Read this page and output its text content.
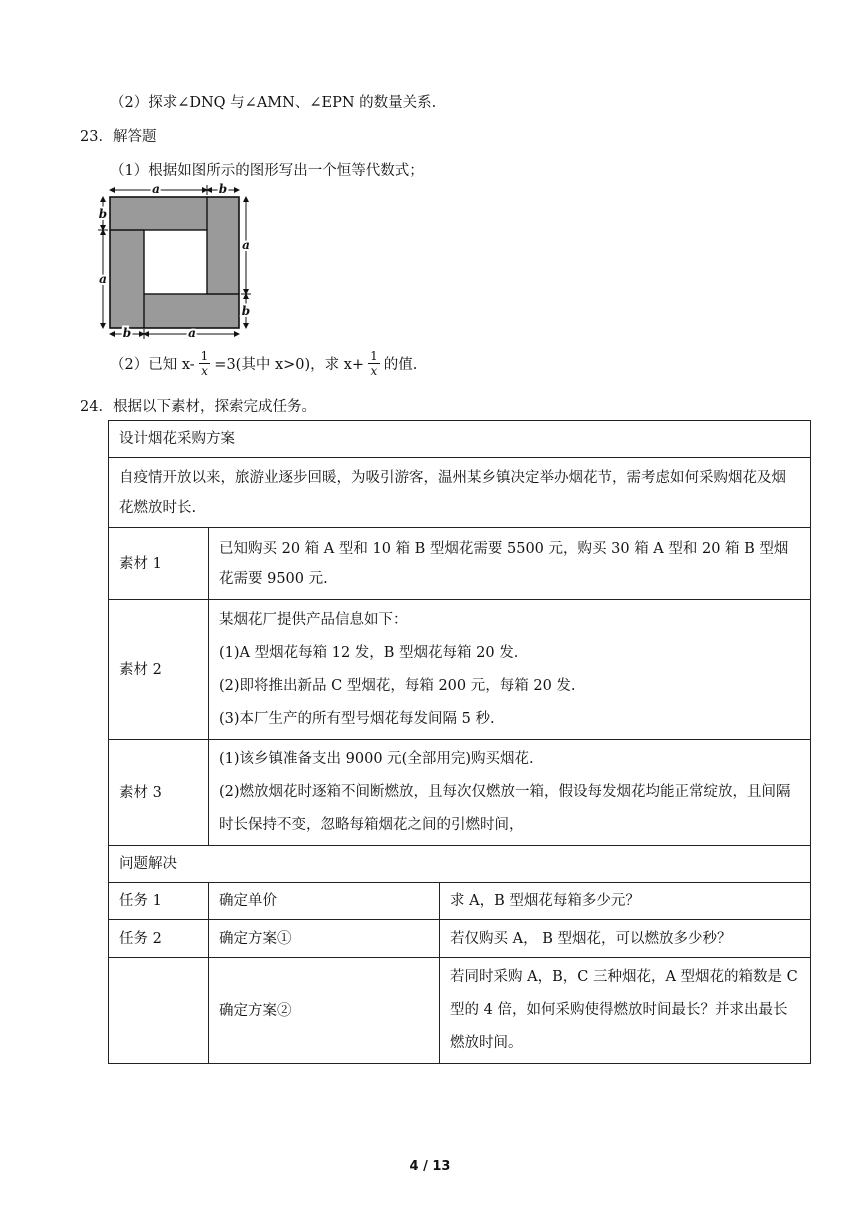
（2）探求∠DNQ 与∠AMN、∠EPN 的数量关系.
23．解答题
（1）根据如图所示的图形写出一个恒等代数式；
a	b
b
a
a
b
b	a
（2）已知 $x- \frac{1}{x} =3$(其中 x>0)，求 $x+ \frac{1}{x}$ 的值.
24．根据以下素材，探索完成任务。
设计烟花采购方案		
自疫情开放以来，旅游业逐步回暖，为吸引游客，温州某乡镇决定举办烟花节，需考虑如何采购烟花及烟花燃放时长.		
素材 1	已知购买 20 箱 A 型和 10 箱 B 型烟花需要 5500 元，购买 30 箱 A 型和 20 箱 B 型烟花需要 9500 元.	
素材 2	某烟花厂提供产品信息如下：
(1)A 型烟花每箱 12 发，B 型烟花每箱 20 发.
(2)即将推出新品 C 型烟花，每箱 200 元，每箱 20 发.
(3)本厂生产的所有型号烟花每发间隔 5 秒.	

素材 3	(1)该乡镇准备支出 9000 元(全部用完)购买烟花.
(2)燃放烟花时逐箱不间断燃放，且每次仅燃放一箱，假设每发烟花均能正常绽放，且间隔时长保持不变，忽略每箱烟花之间的引燃时间，	

问题解决		
任务 1	确定单价	求 A，B 型烟花每箱多少元？
任务 2	确定方案①	若仅购买 A， B 型烟花，可以燃放多少秒？
	确定方案②	若同时采购 A，B，C 三种烟花，A 型烟花的箱数是 C 型的 4 倍，如何采购使得燃放时间最长？并求出最长燃放时间。
4 / 13
